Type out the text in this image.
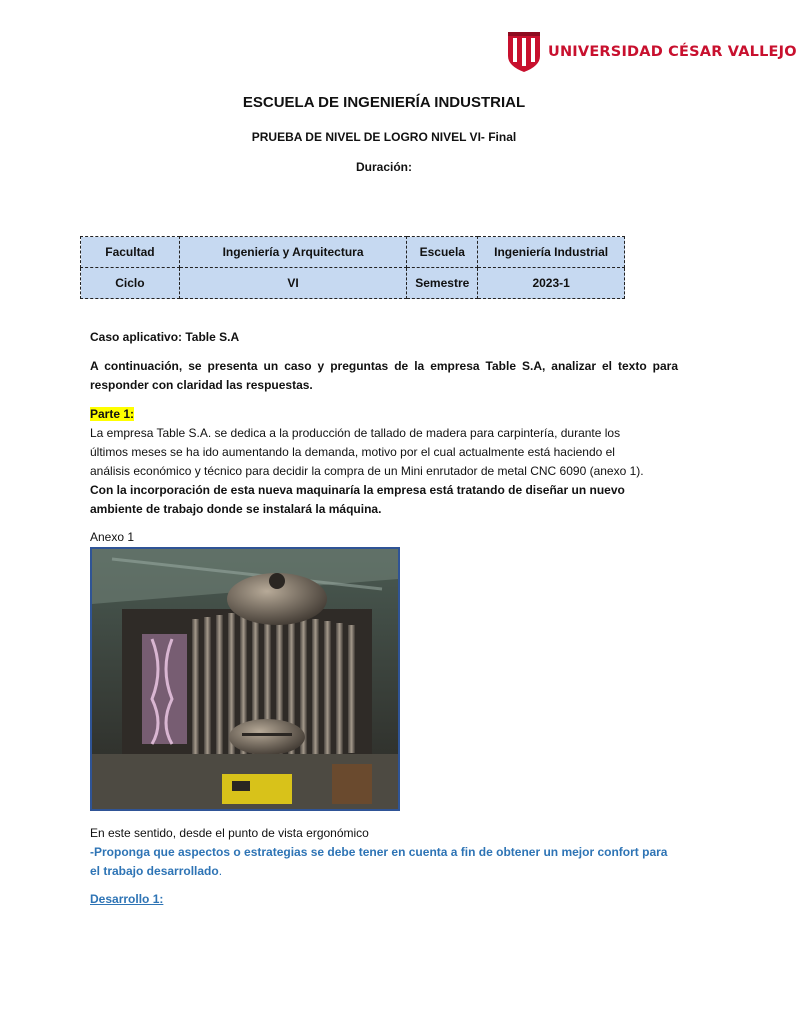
UNIVERSIDAD CÉSAR VALLEJO
ESCUELA DE INGENIERÍA INDUSTRIAL
PRUEBA DE NIVEL DE LOGRO NIVEL VI- Final
Duración:
Facultad	Ingeniería y Arquitectura	Escuela	Ingeniería Industrial
Ciclo	VI	Semestre	2023-1
Caso aplicativo: Table S.A
A continuación, se presenta un caso y preguntas de la empresa Table S.A, analizar el texto para responder con claridad las respuestas.
Parte 1:
La empresa Table S.A. se dedica a la producción de tallado de madera para carpintería, durante los
últimos meses se ha ido aumentando la demanda, motivo por el cual actualmente está haciendo el
análisis económico y técnico para decidir la compra de un Mini enrutador de metal CNC 6090 (anexo 1).
Con la incorporación de esta nueva maquinaría la empresa está tratando de diseñar un nuevo
ambiente de trabajo donde se instalará la máquina.
Anexo 1
En este sentido, desde el punto de vista ergonómico
-Proponga que aspectos o estrategias se debe tener en cuenta a fin de obtener un mejor confort para el trabajo desarrollado.
Desarrollo 1:
